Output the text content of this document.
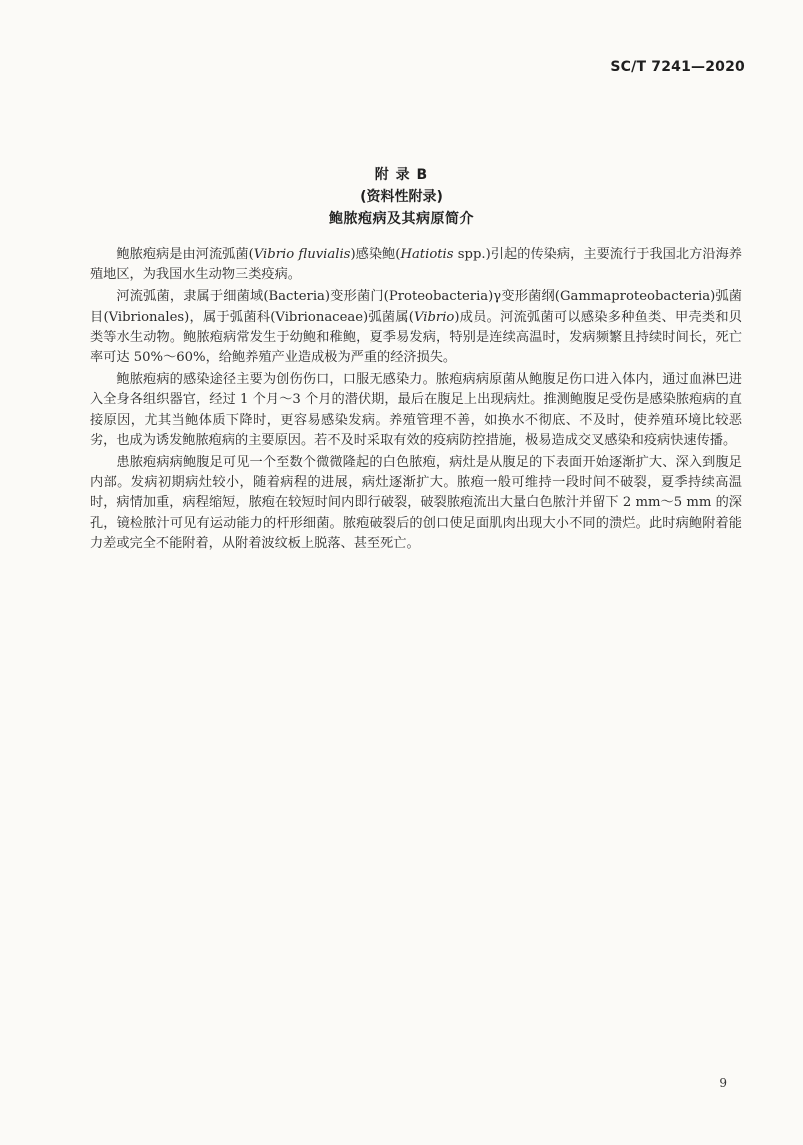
SC/T 7241—2020
附 录 B
(资料性附录)
鲍脓疱病及其病原简介

鲍脓疱病是由河流弧菌(Vibrio fluvialis)感染鲍(Hatiotis spp.)引起的传染病，主要流行于我国北方沿海养殖地区，为我国水生动物三类疫病。

河流弧菌，隶属于细菌域(Bacteria)变形菌门(Proteobacteria)γ变形菌纲(Gammaproteobacteria)弧菌目(Vibrionales)，属于弧菌科(Vibrionaceae)弧菌属(Vibrio)成员。河流弧菌可以感染多种鱼类、甲壳类和贝类等水生动物。鲍脓疱病常发生于幼鲍和稚鲍，夏季易发病，特别是连续高温时，发病频繁且持续时间长，死亡率可达 50%～60%，给鲍养殖产业造成极为严重的经济损失。

鲍脓疱病的感染途径主要为创伤伤口，口服无感染力。脓疱病病原菌从鲍腹足伤口进入体内，通过血淋巴进入全身各组织器官，经过 1 个月～3 个月的潜伏期，最后在腹足上出现病灶。推测鲍腹足受伤是感染脓疱病的直接原因，尤其当鲍体质下降时，更容易感染发病。养殖管理不善，如换水不彻底、不及时，使养殖环境比较恶劣，也成为诱发鲍脓疱病的主要原因。若不及时采取有效的疫病防控措施，极易造成交叉感染和疫病快速传播。

患脓疱病病鲍腹足可见一个至数个微微隆起的白色脓疱，病灶是从腹足的下表面开始逐渐扩大、深入到腹足内部。发病初期病灶较小，随着病程的进展，病灶逐渐扩大。脓疱一般可维持一段时间不破裂，夏季持续高温时，病情加重，病程缩短，脓疱在较短时间内即行破裂，破裂脓疱流出大量白色脓汁并留下 2 mm～5 mm 的深孔，镜检脓汁可见有运动能力的杆形细菌。脓疱破裂后的创口使足面肌肉出现大小不同的溃烂。此时病鲍附着能力差或完全不能附着，从附着波纹板上脱落、甚至死亡。

9
